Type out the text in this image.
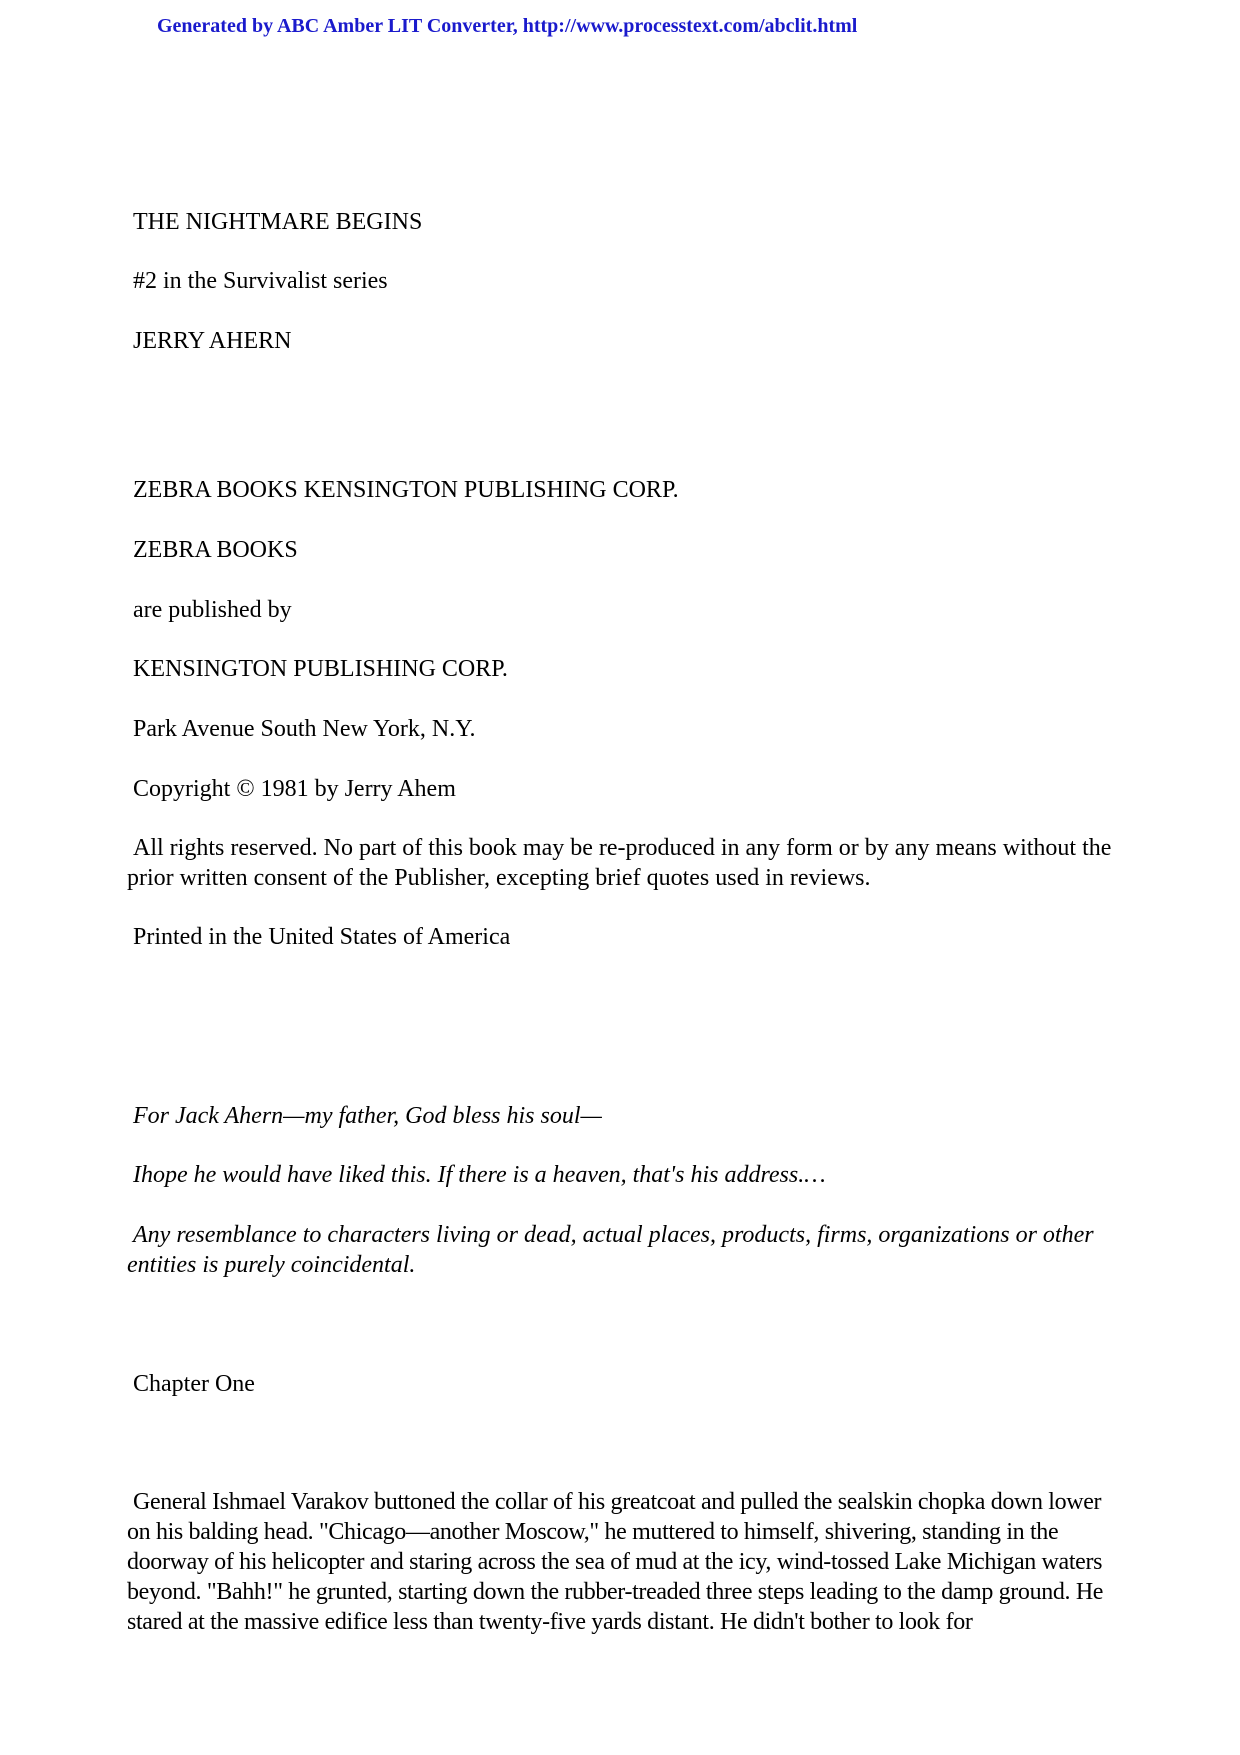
Generated by ABC Amber LIT Converter, http://www.processtext.com/abclit.html
THE NIGHTMARE BEGINS
#2 in the Survivalist series
JERRY AHERN
ZEBRA BOOKS KENSINGTON PUBLISHING CORP.
ZEBRA BOOKS
are published by
KENSINGTON PUBLISHING CORP.
Park Avenue South New York, N.Y.
Copyright © 1981 by Jerry Ahem
All rights reserved. No part of this book may be re-produced in any form or by any means without the prior written consent of the Publisher, excepting brief quotes used in reviews.
Printed in the United States of America
For Jack Ahern—my father, God bless his soul—
Ihope he would have liked this. If there is a heaven, that's his address.…
Any resemblance to characters living or dead, actual places, products, firms, organizations or other entities is purely coincidental.
Chapter One
General Ishmael Varakov buttoned the collar of his greatcoat and pulled the sealskin chopka down lower on his balding head. "Chicago—another Moscow," he muttered to himself, shivering, standing in the doorway of his helicopter and staring across the sea of mud at the icy, wind-tossed Lake Michigan waters beyond. "Bahh!" he grunted, starting down the rubber-treaded three steps leading to the damp ground. He stared at the massive edifice less than twenty-five yards distant. He didn't bother to look for
